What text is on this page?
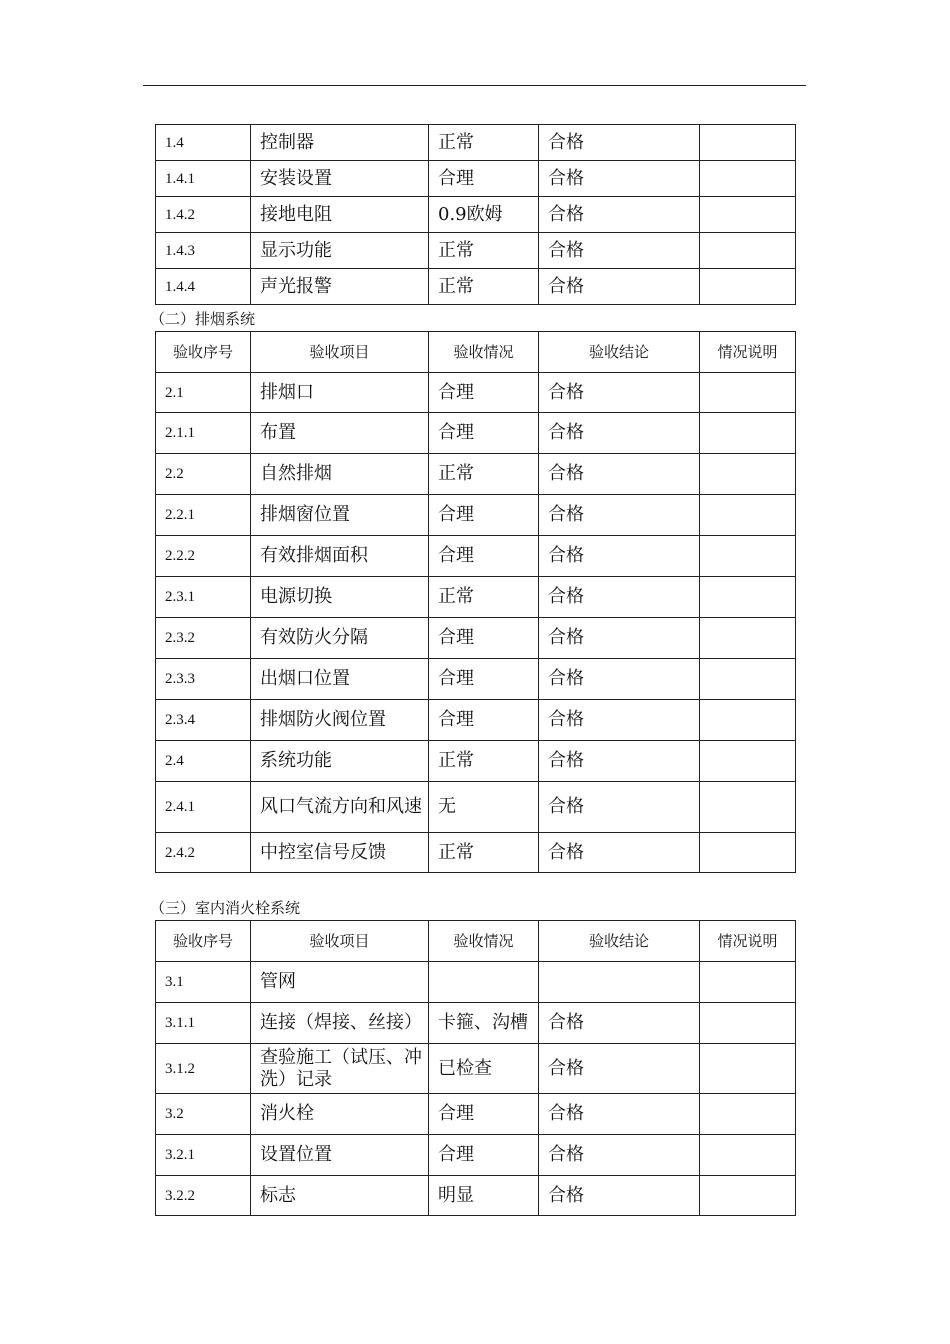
1.4	控制器	正常	合格	
1.4.1	安装设置	合理	合格	
1.4.2	接地电阻	0.9欧姆	合格	
1.4.3	显示功能	正常	合格	
1.4.4	声光报警	正常	合格	
（二）排烟系统
验收序号	验收项目	验收情况	验收结论	情况说明
2.1	排烟口	合理	合格	
2.1.1	布置	合理	合格	
2.2	自然排烟	正常	合格	
2.2.1	排烟窗位置	合理	合格	
2.2.2	有效排烟面积	合理	合格	
2.3.1	电源切换	正常	合格	
2.3.2	有效防火分隔	合理	合格	
2.3.3	出烟口位置	合理	合格	
2.3.4	排烟防火阀位置	合理	合格	
2.4	系统功能	正常	合格	
2.4.1	风口气流方向和风速	无	合格	
2.4.2	中控室信号反馈	正常	合格	
（三）室内消火栓系统
验收序号	验收项目	验收情况	验收结论	情况说明
3.1	管网			
3.1.1	连接（焊接、丝接）	卡箍、沟槽	合格	
3.1.2	查验施工（试压、冲洗）记录	已检查	合格	
3.2	消火栓	合理	合格	
3.2.1	设置位置	合理	合格	
3.2.2	标志	明显	合格	
